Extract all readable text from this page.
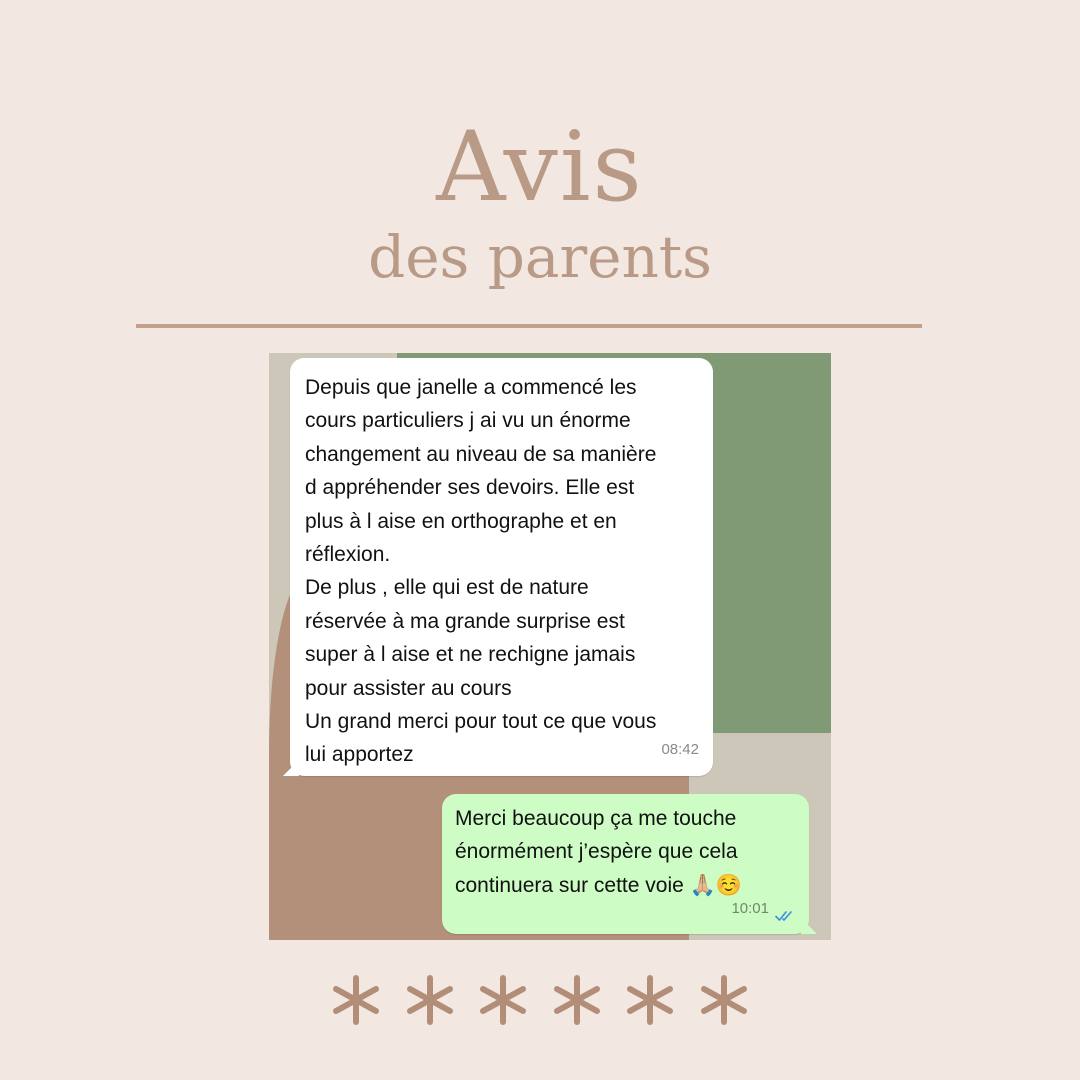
Avis
des parents
Depuis que janelle a commencé les
cours particuliers j ai vu un énorme
changement au niveau de sa manière
d appréhender ses devoirs. Elle est
plus à l aise en orthographe et en
réflexion.
De plus , elle qui est de nature
réservée à ma grande surprise est
super à l aise et ne rechigne jamais
pour assister au cours
Un grand merci pour tout ce que vous
lui apportez	08:42
Merci beaucoup ça me touche
énormément j’espère que cela
continuera sur cette voie 🙏🏼☺️
10:01
